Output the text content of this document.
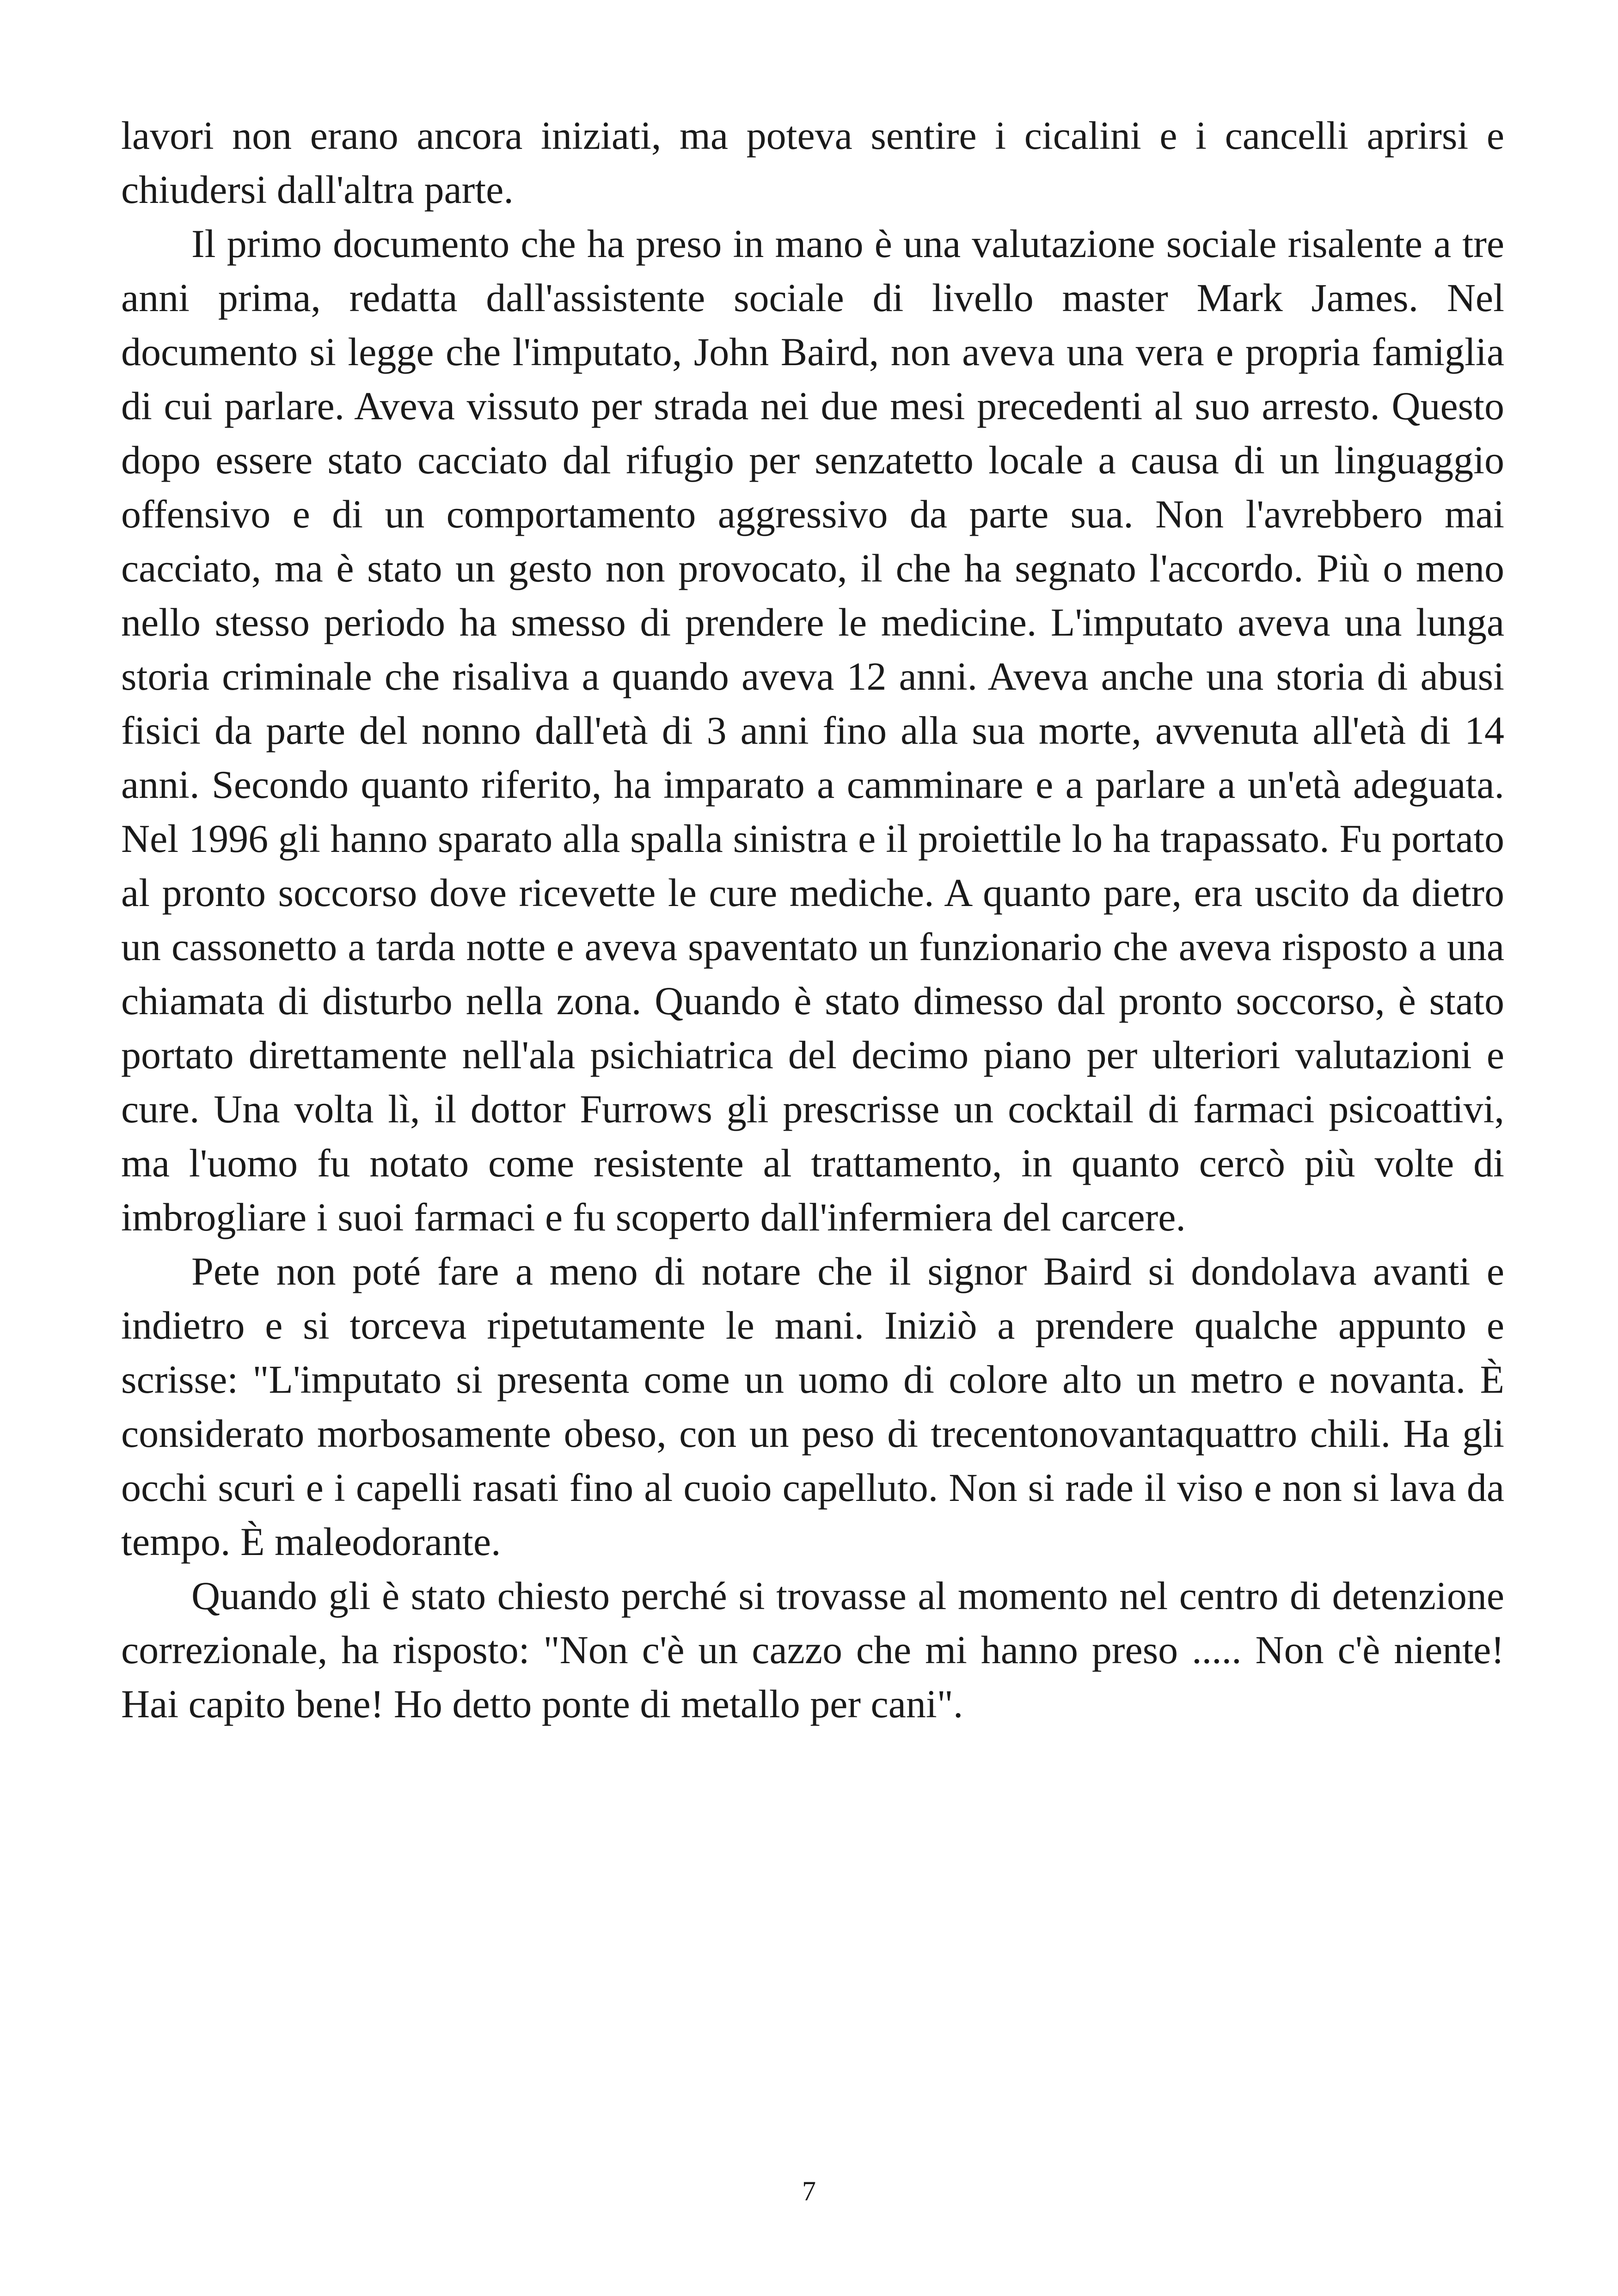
lavori non erano ancora iniziati, ma poteva sentire i cicalini e i cancelli aprirsi e chiudersi dall'altra parte.

Il primo documento che ha preso in mano è una valutazione sociale risalente a tre anni prima, redatta dall'assistente sociale di livello master Mark James. Nel documento si legge che l'imputato, John Baird, non aveva una vera e propria famiglia di cui parlare. Aveva vissuto per strada nei due mesi precedenti al suo arresto. Questo dopo essere stato cacciato dal rifugio per senzatetto locale a causa di un linguaggio offensivo e di un comportamento aggressivo da parte sua. Non l'avrebbero mai cacciato, ma è stato un gesto non provocato, il che ha segnato l'accordo. Più o meno nello stesso periodo ha smesso di prendere le medicine. L'imputato aveva una lunga storia criminale che risaliva a quando aveva 12 anni. Aveva anche una storia di abusi fisici da parte del nonno dall'età di 3 anni fino alla sua morte, avvenuta all'età di 14 anni. Secondo quanto riferito, ha imparato a camminare e a parlare a un'età adeguata. Nel 1996 gli hanno sparato alla spalla sinistra e il proiettile lo ha trapassato. Fu portato al pronto soccorso dove ricevette le cure mediche. A quanto pare, era uscito da dietro un cassonetto a tarda notte e aveva spaventato un funzionario che aveva risposto a una chiamata di disturbo nella zona. Quando è stato dimesso dal pronto soccorso, è stato portato direttamente nell'ala psichiatrica del decimo piano per ulteriori valutazioni e cure. Una volta lì, il dottor Furrows gli prescrisse un cocktail di farmaci psicoattivi, ma l'uomo fu notato come resistente al trattamento, in quanto cercò più volte di imbrogliare i suoi farmaci e fu scoperto dall'infermiera del carcere.

Pete non poté fare a meno di notare che il signor Baird si dondolava avanti e indietro e si torceva ripetutamente le mani. Iniziò a prendere qualche appunto e scrisse: "L'imputato si presenta come un uomo di colore alto un metro e novanta. È considerato morbosamente obeso, con un peso di trecentonovantaquattro chili. Ha gli occhi scuri e i capelli rasati fino al cuoio capelluto. Non si rade il viso e non si lava da tempo. È maleodorante.

Quando gli è stato chiesto perché si trovasse al momento nel centro di detenzione correzionale, ha risposto: "Non c'è un cazzo che mi hanno preso ..... Non c'è niente! Hai capito bene! Ho detto ponte di metallo per cani".

7
